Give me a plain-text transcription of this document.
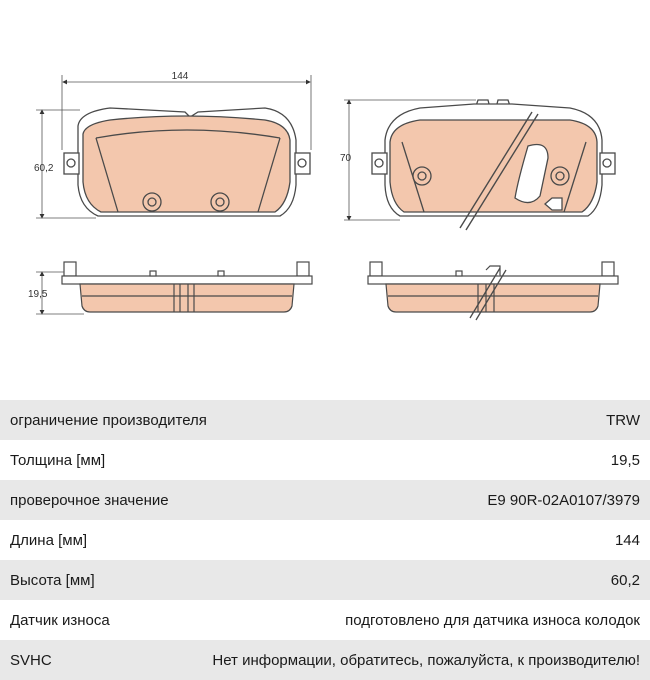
144
60,2
70
19,5
ограничение производителя	TRW
Толщина [мм]	19,5
проверочное значение	E9 90R-02A0107/3979
Длина [мм]	144
Высота [мм]	60,2
Датчик износа	подготовлено для датчика износа колодок
SVHC	Нет информации, обратитесь, пожалуйста, к производителю!
